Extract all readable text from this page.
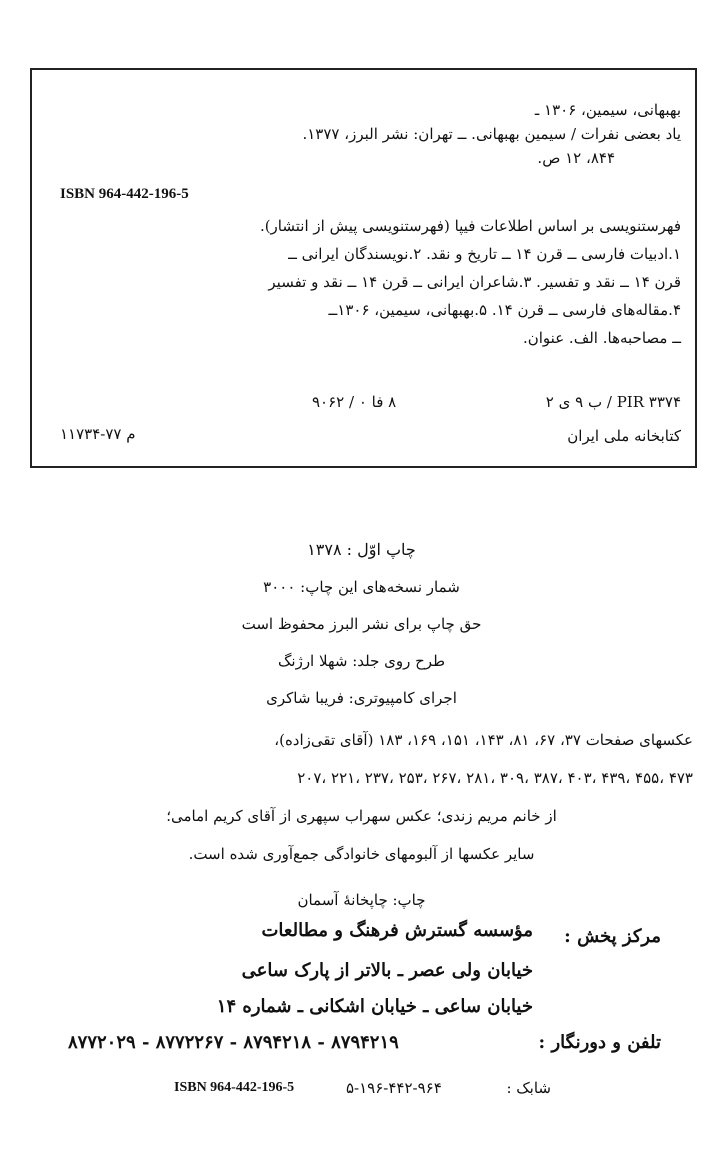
بهبهانی، سیمین، ۱۳۰۶ ـ
یاد بعضی نفرات / سیمین بهبهانی. ــ تهران: نشر البرز، ۱۳۷۷.
۸۴۴، ۱۲ ص.
ISBN 964-442-196-5
فهرستنویسی بر اساس اطلاعات فیپا (فهرستنویسی پیش از انتشار).
۱.ادبیات فارسی ــ قرن ۱۴ ــ تاریخ و نقد. ۲.نویسندگان ایرانی ــ
قرن ۱۴ ــ نقد و تفسیر. ۳.شاعران ایرانی ــ قرن ۱۴ ــ نقد و تفسیر
۴.مقاله‌های فارسی ــ قرن ۱۴. ۵.بهبهانی، سیمین، ۱۳۰۶ــ
ــ مصاحبه‌ها. الف. عنوان.
PIR ۳۳۷۴ / ب ۹ ی ۲
۸ فا ۰ / ۹۰۶۲
کتابخانه ملی ایران
م ۷۷-۱۱۷۳۴
چاپ اوّل : ۱۳۷۸
شمار نسخه‌های این چاپ: ۳۰۰۰
حق چاپ برای نشر البرز محفوظ است
طرح روی جلد: شهلا ارژنگ
اجرای کامپیوتری: فریبا شاکری
عکسهای صفحات ۳۷، ۶۷، ۸۱، ۱۴۳، ۱۵۱، ۱۶۹، ۱۸۳ (آقای تقی‌زاده)،
۲۰۷، ۲۲۱، ۲۳۷، ۲۵۳، ۲۶۷، ۲۸۱، ۳۰۹، ۳۸۷، ۴۰۳، ۴۳۹، ۴۵۵، ۴۷۳
از خانم مریم زندی؛ عکس سهراب سپهری از آقای کریم امامی؛
سایر عکسها از آلبومهای خانوادگی جمع‌آوری شده است.
چاپ: چاپخانهٔ آسمان
مرکز پخش :
مؤسسه گسترش فرهنگ و مطالعات
خیابان ولی عصر ـ بالاتر از پارک ساعی
خیابان ساعی ـ خیابان اشکانی ـ شماره ۱۴
تلفن و دورنگار :
۸۷۹۴۲۱۹ - ۸۷۹۴۲۱۸ - ۸۷۷۲۲۶۷ - ۸۷۷۲۰۲۹
شابک :
۵-۱۹۶-۴۴۲-۹۶۴
ISBN 964-442-196-5
